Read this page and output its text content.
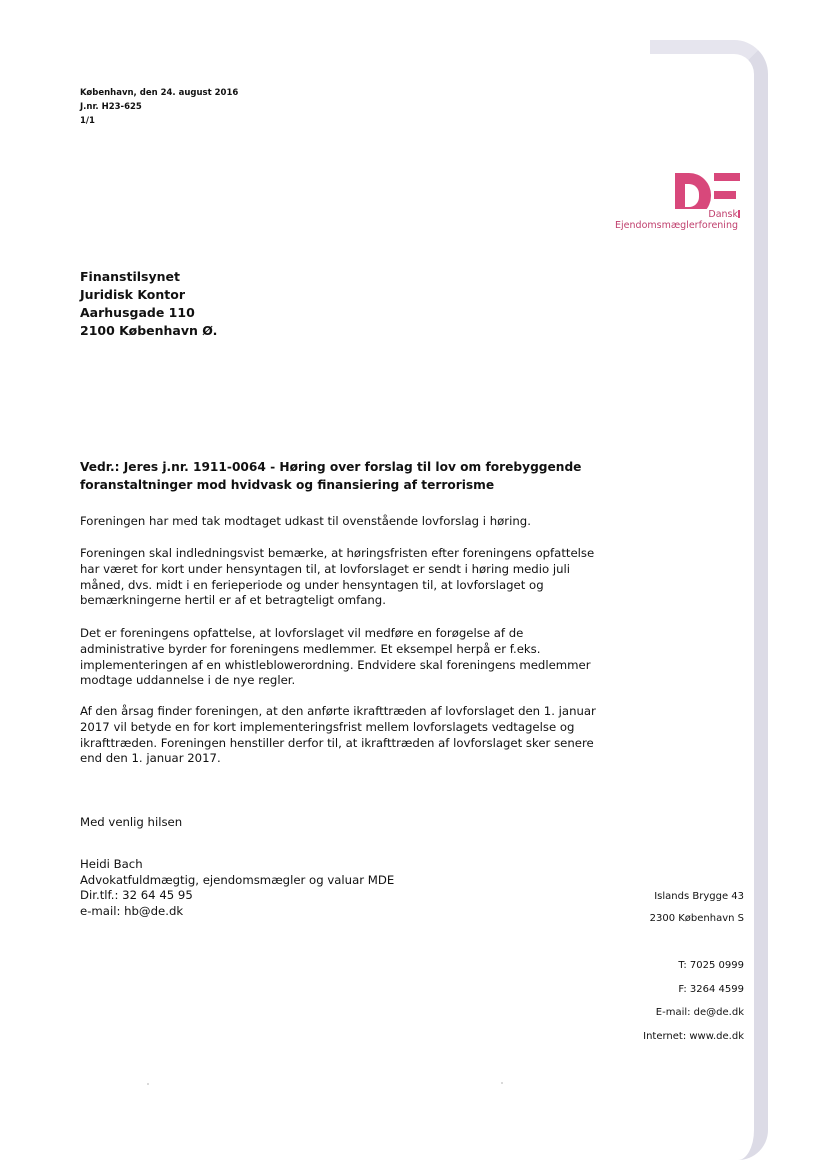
København, den 24. august 2016
J.nr. H23-625
1/1
Dansk
Ejendomsmæglerforening
Finanstilsynet
Juridisk Kontor
Aarhusgade 110
2100 København Ø.
Vedr.: Jeres j.nr. 1911-0064 - Høring over forslag til lov om forebyggende foranstaltninger mod hvidvask og finansiering af terrorisme
Foreningen har med tak modtaget udkast til ovenstående lovforslag i høring.
Foreningen skal indledningsvist bemærke, at høringsfristen efter foreningens opfattelse har været for kort under hensyntagen til, at lovforslaget er sendt i høring medio juli måned, dvs. midt i en ferieperiode og under hensyntagen til, at lovforslaget og bemærkningerne hertil er af et betragteligt omfang.
Det er foreningens opfattelse, at lovforslaget vil medføre en forøgelse af de administrative byrder for foreningens medlemmer. Et eksempel herpå er f.eks. implementeringen af en whistleblowerordning. Endvidere skal foreningens medlemmer modtage uddannelse i de nye regler.
Af den årsag finder foreningen, at den anførte ikrafttræden af lovforslaget den 1. januar 2017 vil betyde en for kort implementeringsfrist mellem lovforslagets vedtagelse og ikrafttræden. Foreningen henstiller derfor til, at ikrafttræden af lovforslaget sker senere end den 1. januar 2017.
Med venlig hilsen
Heidi Bach
Advokatfuldmægtig, ejendomsmægler og valuar MDE
Dir.tlf.: 32 64 45 95
e-mail: hb@de.dk
Islands Brygge 43
2300 København S
T: 7025 0999
F: 3264 4599
E-mail: de@de.dk
Internet: www.de.dk
